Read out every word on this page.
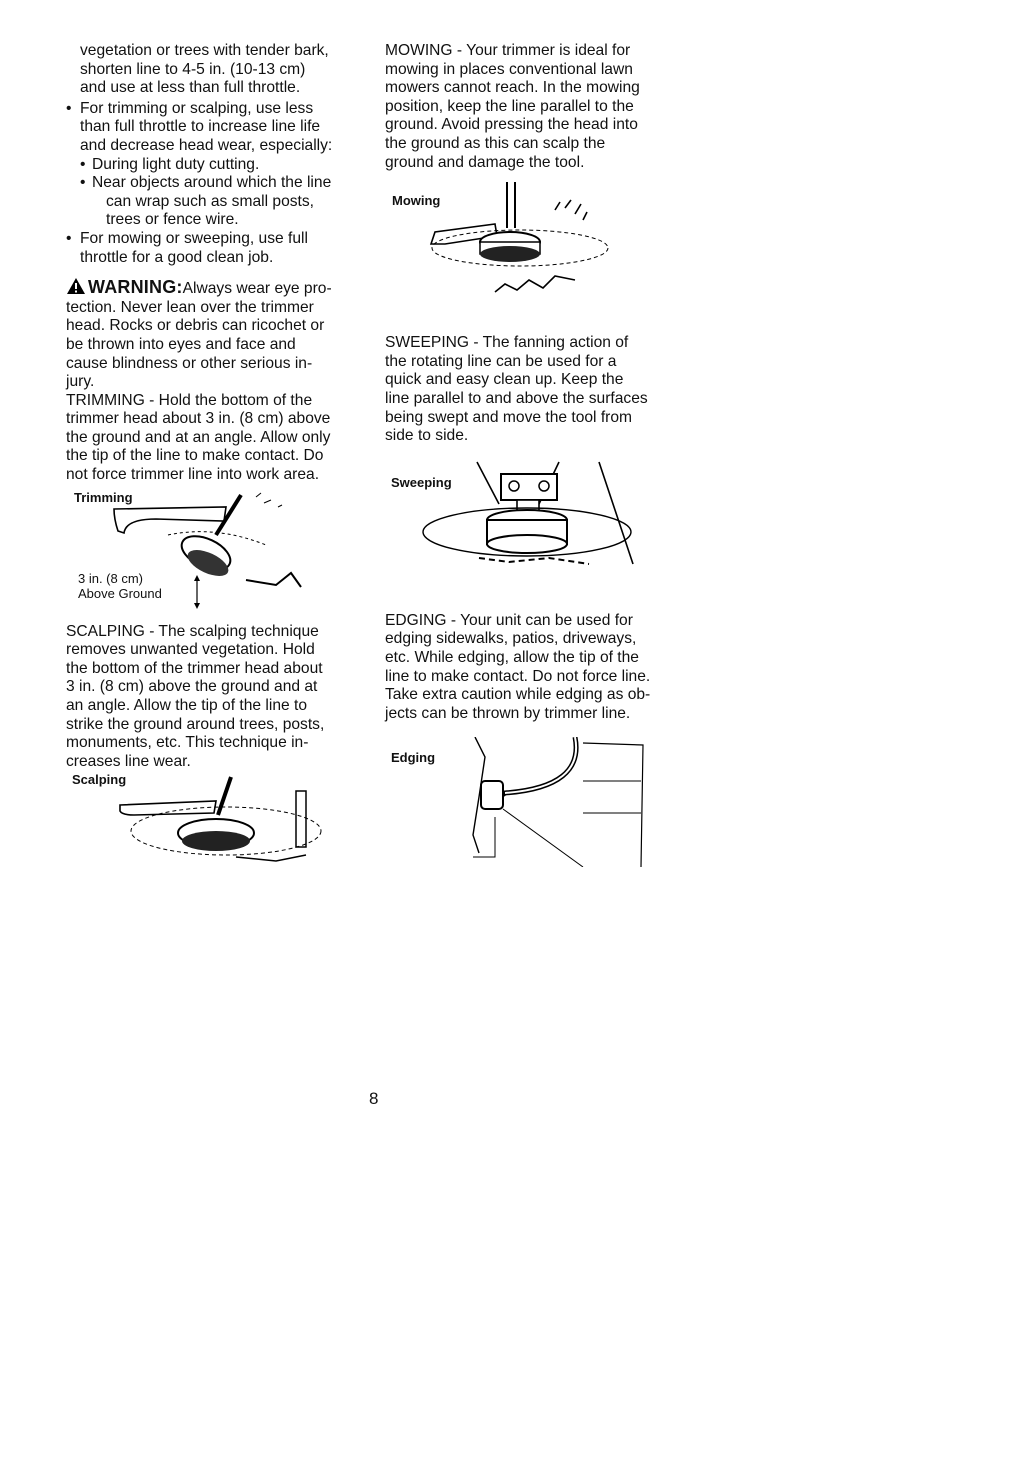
vegetation or trees with tender bark,
shorten line to 4-5 in. (10-13 cm)
and use at less than full throttle.
• For trimming or scalping, use less
than full throttle to increase line life
and decrease head wear, especially:
• During light duty cutting.
• Near objects around which the line
can wrap such as small posts,
trees or fence wire.
• For mowing or sweeping, use full
throttle for a good clean job.
WARNING:Always wear eye pro-
tection. Never lean over the trimmer
head. Rocks or debris can ricochet or
be thrown into eyes and face and
cause blindness or other serious in-
jury.
TRIMMING - Hold the bottom of the
trimmer head about 3 in. (8 cm) above
the ground and at an angle. Allow only
the tip of the line to make contact. Do
not force trimmer line into work area.
Trimming
3 in. (8 cm)
Above Ground
SCALPING - The scalping technique
removes unwanted vegetation. Hold
the bottom of the trimmer head about
3 in. (8 cm) above the ground and at
an angle. Allow the tip of the line to
strike the ground around trees, posts,
monuments, etc. This technique in-
creases line wear.
Scalping
MOWING - Your trimmer is ideal for
mowing in places conventional lawn
mowers cannot reach. In the mowing
position, keep the line parallel to the
ground. Avoid pressing the head into
the ground as this can scalp the
ground and damage the tool.
Mowing
SWEEPING - The fanning action of
the rotating line can be used for a
quick and easy clean up. Keep the
line parallel to and above the surfaces
being swept and move the tool from
side to side.
Sweeping
EDGING - Your unit can be used for
edging sidewalks, patios, driveways,
etc. While edging, allow the tip of the
line to make contact. Do not force line.
Take extra caution while edging as ob-
jects can be thrown by trimmer line.
Edging
8
